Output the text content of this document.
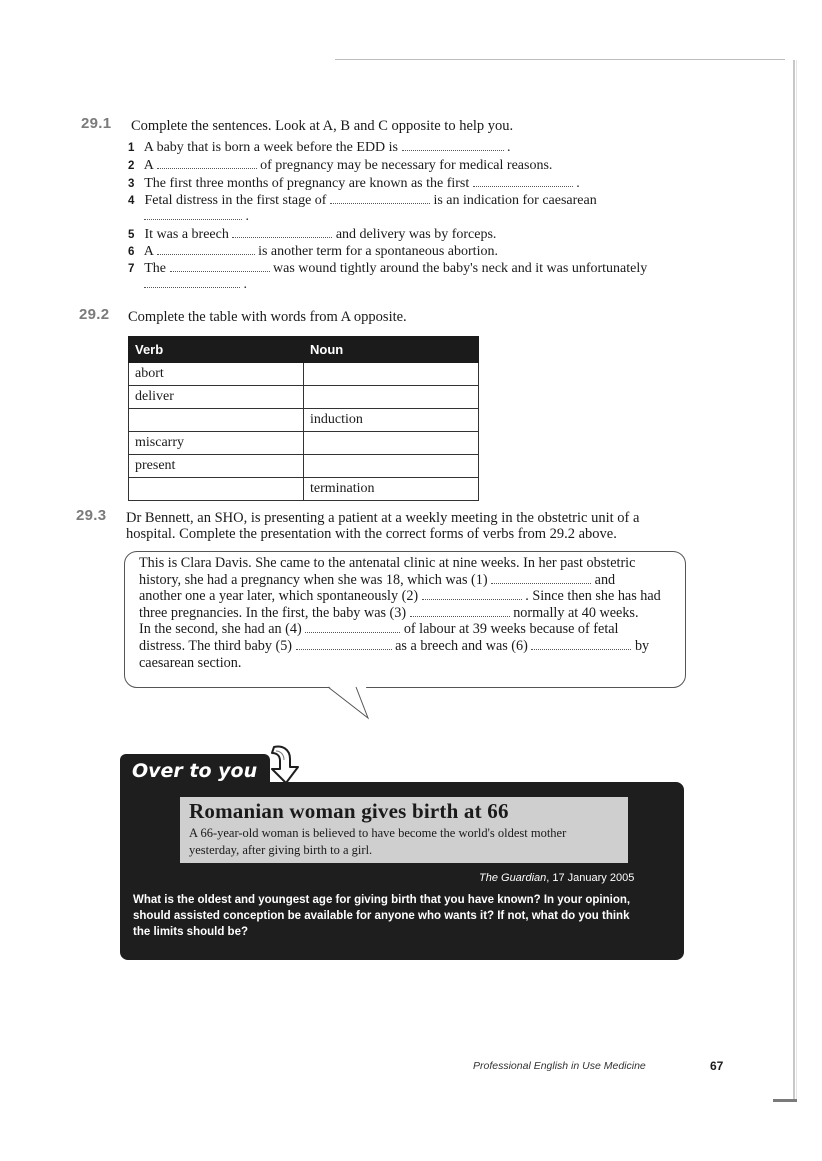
29.1 Complete the sentences. Look at A, B and C opposite to help you.
1 A baby that is born a week before the EDD is	.
2 A	of pregnancy may be necessary for medical reasons.
3 The first three months of pregnancy are known as the first	.
4 Fetal distress in the first stage of	is an indication for caesarean
.
5 It was a breech	and delivery was by forceps.
6 A	is another term for a spontaneous abortion.
7 The	was wound tightly around the baby's neck and it was unfortunately
.
29.2 Complete the table with words from A opposite.
Verb	Noun
abort	
deliver	
	induction
miscarry	
present	
	termination
29.3 Dr Bennett, an SHO, is presenting a patient at a weekly meeting in the obstetric unit of a
hospital. Complete the presentation with the correct forms of verbs from 29.2 above.
This is Clara Davis. She came to the antenatal clinic at nine weeks. In her past obstetric
history, she had a pregnancy when she was 18, which was (1)	and
another one a year later, which spontaneously (2)	. Since then she has had
three pregnancies. In the first, the baby was (3)	normally at 40 weeks.
In the second, she had an (4)	of labour at 39 weeks because of fetal
distress. The third baby (5)	as a breech and was (6)	by
caesarean section.
Over to you
Romanian woman gives birth at 66
A 66-year-old woman is believed to have become the world's oldest mother
yesterday, after giving birth to a girl.
The Guardian, 17 January 2005
What is the oldest and youngest age for giving birth that you have known? In your opinion,
should assisted conception be available for anyone who wants it? If not, what do you think
the limits should be?
Professional English in Use Medicine	67
